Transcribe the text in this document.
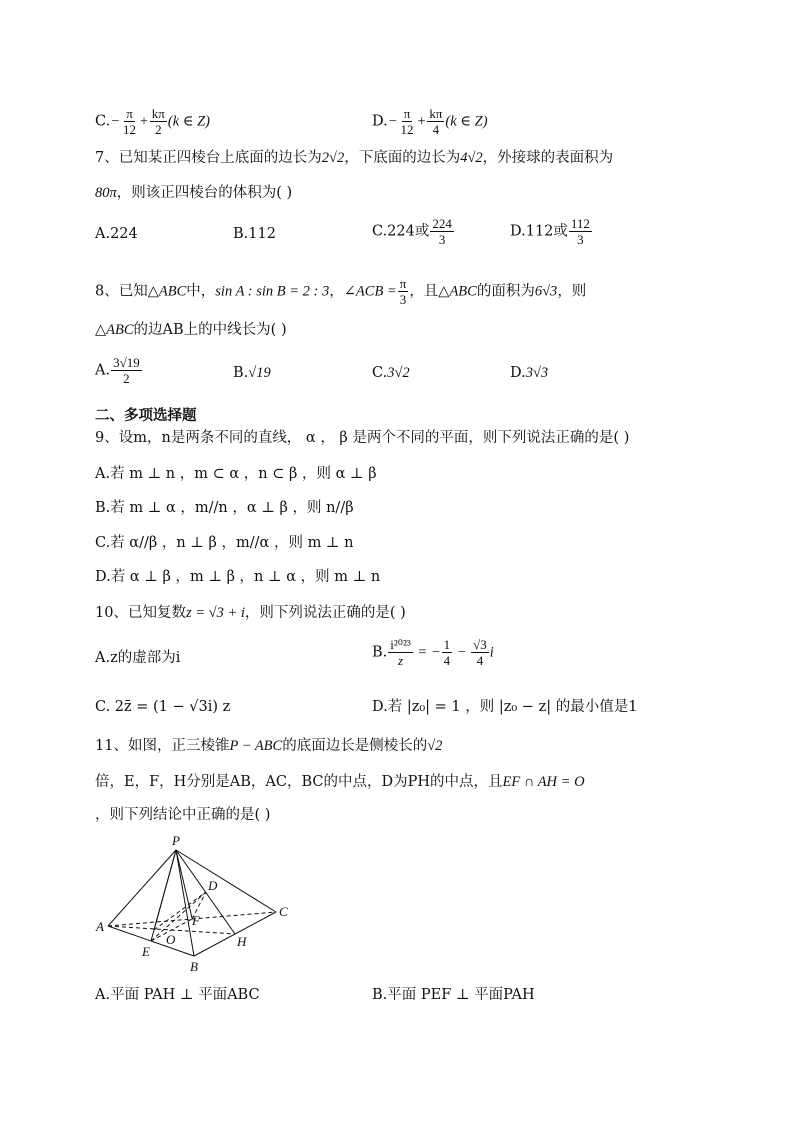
$C.- \frac{\pi}{12} + \frac{k\pi}{2} (k$ ∈ Z)	$D.- \frac{\pi}{12} + \frac{k\pi}{4} (k$ ∈ Z)
7、已知某正四棱台上底面的边长为2√2，下底面的边长为4√2，外接球的表面积为
80π，则该正四棱台的体积为( )
A.224	B.112	C.224或 $\frac{224}{3}$	D.112或 $\frac{112}{3}$
8、已知△ABC中，sin A : sin B = 2 : 3，∠ACB = $\frac{\pi}{3}$ ，且△ABC的面积为6√3，则
△ABC的边AB上的中线长为( )
A. $\frac{3√19}{2}$	B.√19	C.3√2	D.3√3
二、多项选择题
9、设m，n是两条不同的直线， α ， β 是两个不同的平面，则下列说法正确的是( )
A.若 m ⊥ n ，m ⊂ α ，n ⊂ β ，则 α ⊥ β
B.若 m ⊥ α ，m//n ，α ⊥ β ，则 n//β
C.若 α//β ，n ⊥ β ，m//α ，则 m ⊥ n
D.若 α ⊥ β ，m ⊥ β ，n ⊥ α ，则 m ⊥ n
10、已知复数z = √3 + i，则下列说法正确的是( )
A.z的虚部为i	B. $\frac{\text{i²⁰²³}}{z}$ = − $\frac{1}{4} - \frac{√3}{4}$ i
C. 2z̄ = (1 − √3i) z	D.若 |z₀| = 1 ，则 |z₀ − z| 的最小值是1
11、如图，正三棱锥P − ABC的底面边长是侧棱长的√2
倍，E，F，H分别是AB，AC，BC的中点，D为PH的中点，且EF ∩ AH = O
，则下列结论中正确的是( )
P
A
B
C
D
E
F
H
O
A.平面 PAH ⊥ 平面ABC	B.平面 PEF ⊥ 平面PAH
